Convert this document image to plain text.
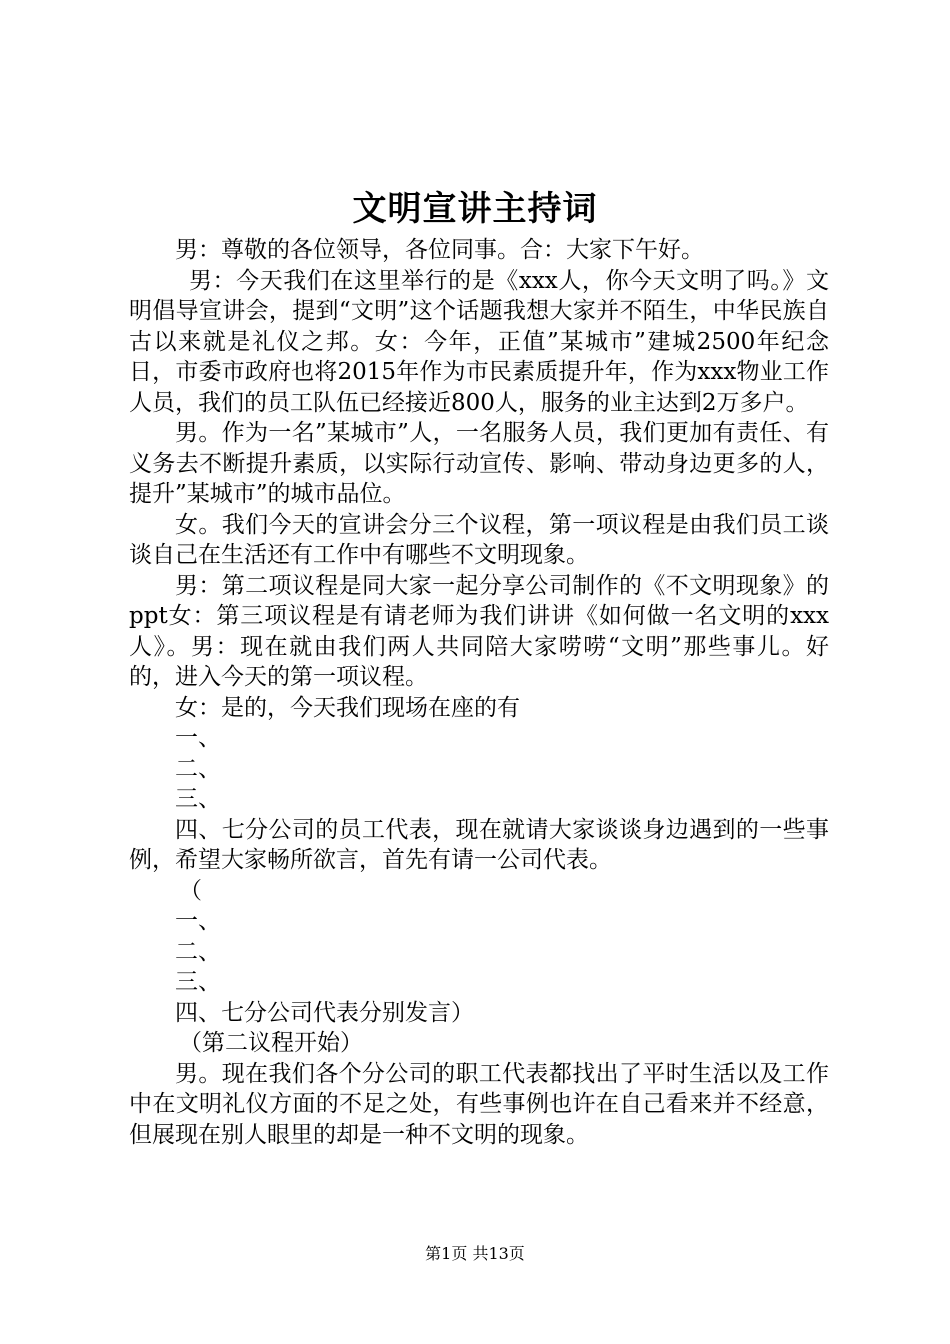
文明宣讲主持词

男：尊敬的各位领导，各位同事。合：大家下午好。

男：今天我们在这里举行的是《xxx人，你今天文明了吗。》文明倡导宣讲会，提到“文明”这个话题我想大家并不陌生，中华民族自古以来就是礼仪之邦。女：今年，正值”某城市”建城2500年纪念日，市委市政府也将2015年作为市民素质提升年，作为xxx物业工作人员，我们的员工队伍已经接近800人，服务的业主达到2万多户。

男。作为一名”某城市”人，一名服务人员，我们更加有责任、有义务去不断提升素质，以实际行动宣传、影响、带动身边更多的人，提升”某城市”的城市品位。

女。我们今天的宣讲会分三个议程，第一项议程是由我们员工谈谈自己在生活还有工作中有哪些不文明现象。

男：第二项议程是同大家一起分享公司制作的《不文明现象》的ppt女：第三项议程是有请老师为我们讲讲《如何做一名文明的xxx人》。男：现在就由我们两人共同陪大家唠唠“文明”那些事儿。好的，进入今天的第一项议程。

女：是的，今天我们现场在座的有

一、

二、

三、

四、七分公司的员工代表，现在就请大家谈谈身边遇到的一些事例，希望大家畅所欲言，首先有请一公司代表。

（

一、

二、

三、

四、七分公司代表分别发言）

（第二议程开始）

男。现在我们各个分公司的职工代表都找出了平时生活以及工作中在文明礼仪方面的不足之处，有些事例也许在自己看来并不经意，但展现在别人眼里的却是一种不文明的现象。

第1页 共13页
